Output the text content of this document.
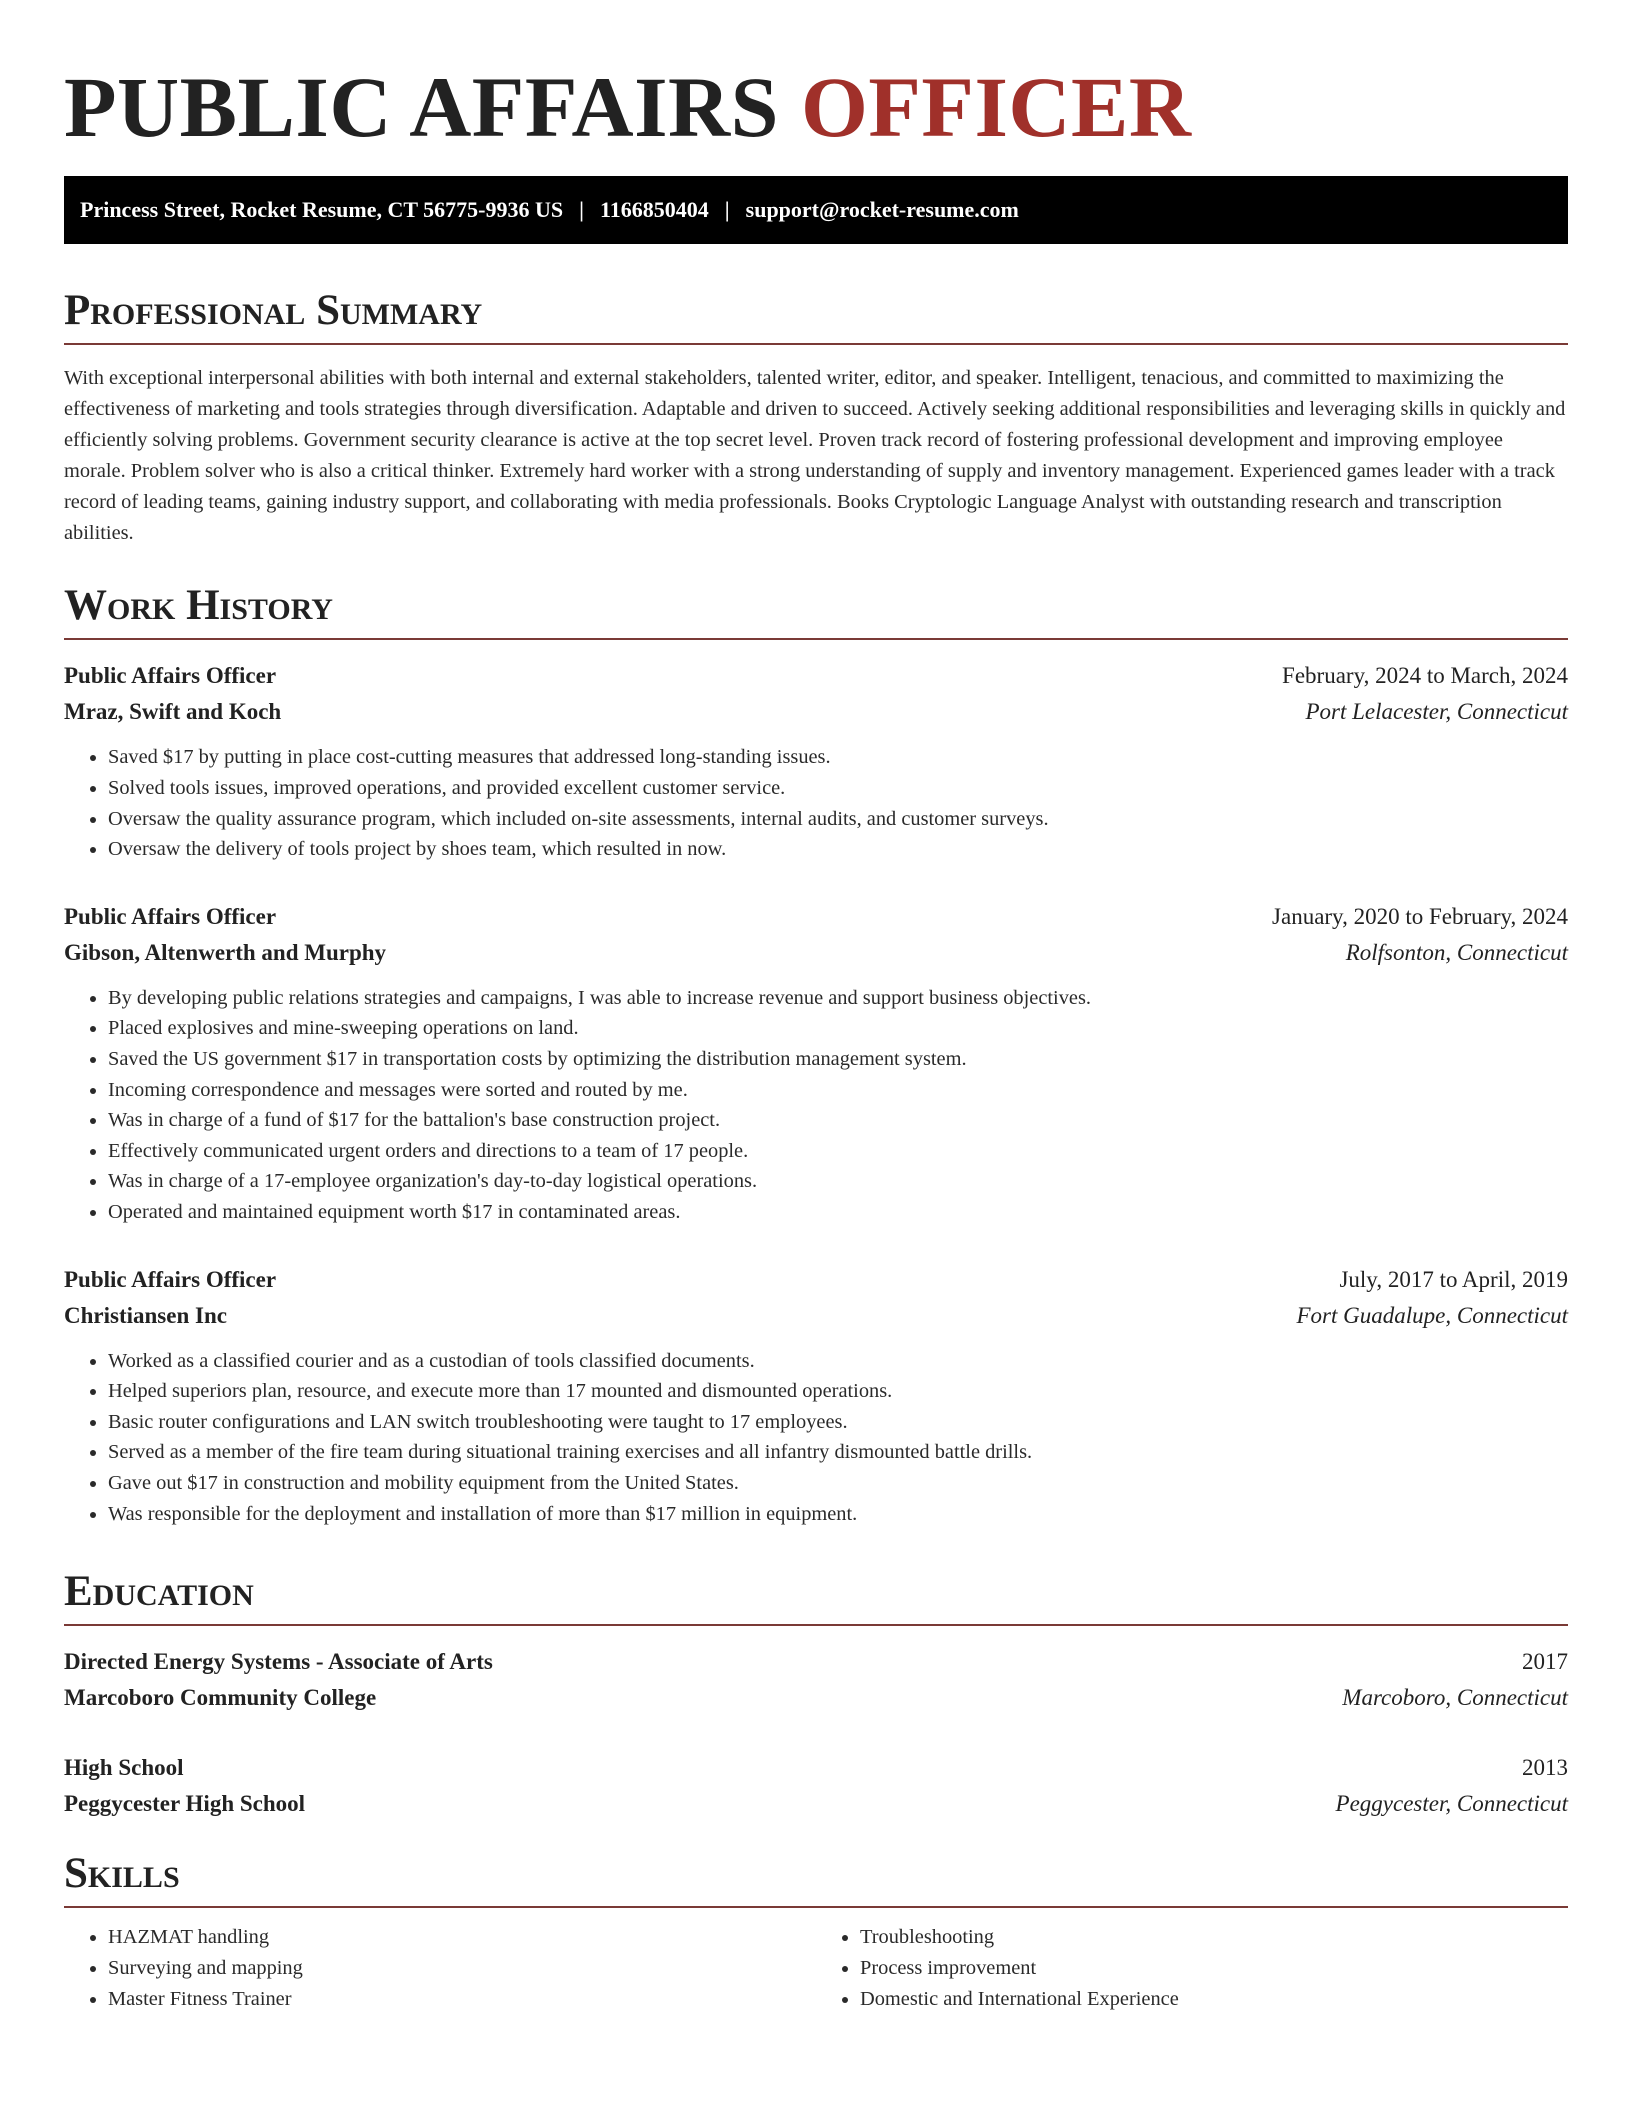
PUBLIC AFFAIRS OFFICER
Princess Street, Rocket Resume, CT 56775-9936 US | 1166850404 | support@rocket-resume.com
Professional Summary

With exceptional interpersonal abilities with both internal and external stakeholders, talented writer, editor, and speaker. Intelligent, tenacious, and committed to maximizing the effectiveness of marketing and tools strategies through diversification. Adaptable and driven to succeed. Actively seeking additional responsibilities and leveraging skills in quickly and efficiently solving problems. Government security clearance is active at the top secret level. Proven track record of fostering professional development and improving employee morale. Problem solver who is also a critical thinker. Extremely hard worker with a strong understanding of supply and inventory management. Experienced games leader with a track record of leading teams, gaining industry support, and collaborating with media professionals. Books Cryptologic Language Analyst with outstanding research and transcription abilities.

Work History
Public Affairs Officer	February, 2024 to March, 2024
Mraz, Swift and Koch	Port Lelacester, Connecticut
• Saved $17 by putting in place cost-cutting measures that addressed long-standing issues.
• Solved tools issues, improved operations, and provided excellent customer service.
• Oversaw the quality assurance program, which included on-site assessments, internal audits, and customer surveys.
• Oversaw the delivery of tools project by shoes team, which resulted in now.
Public Affairs Officer	January, 2020 to February, 2024
Gibson, Altenwerth and Murphy	Rolfsonton, Connecticut
• By developing public relations strategies and campaigns, I was able to increase revenue and support business objectives.
• Placed explosives and mine-sweeping operations on land.
• Saved the US government $17 in transportation costs by optimizing the distribution management system.
• Incoming correspondence and messages were sorted and routed by me.
• Was in charge of a fund of $17 for the battalion's base construction project.
• Effectively communicated urgent orders and directions to a team of 17 people.
• Was in charge of a 17-employee organization's day-to-day logistical operations.
• Operated and maintained equipment worth $17 in contaminated areas.
Public Affairs Officer	July, 2017 to April, 2019
Christiansen Inc	Fort Guadalupe, Connecticut
• Worked as a classified courier and as a custodian of tools classified documents.
• Helped superiors plan, resource, and execute more than 17 mounted and dismounted operations.
• Basic router configurations and LAN switch troubleshooting were taught to 17 employees.
• Served as a member of the fire team during situational training exercises and all infantry dismounted battle drills.
• Gave out $17 in construction and mobility equipment from the United States.
• Was responsible for the deployment and installation of more than $17 million in equipment.
Education
Directed Energy Systems - Associate of Arts	2017
Marcoboro Community College	Marcoboro, Connecticut
High School	2013
Peggycester High School	Peggycester, Connecticut
Skills
• HAZMAT handling
• Surveying and mapping
• Master Fitness Trainer
• Troubleshooting
• Process improvement
• Domestic and International Experience
